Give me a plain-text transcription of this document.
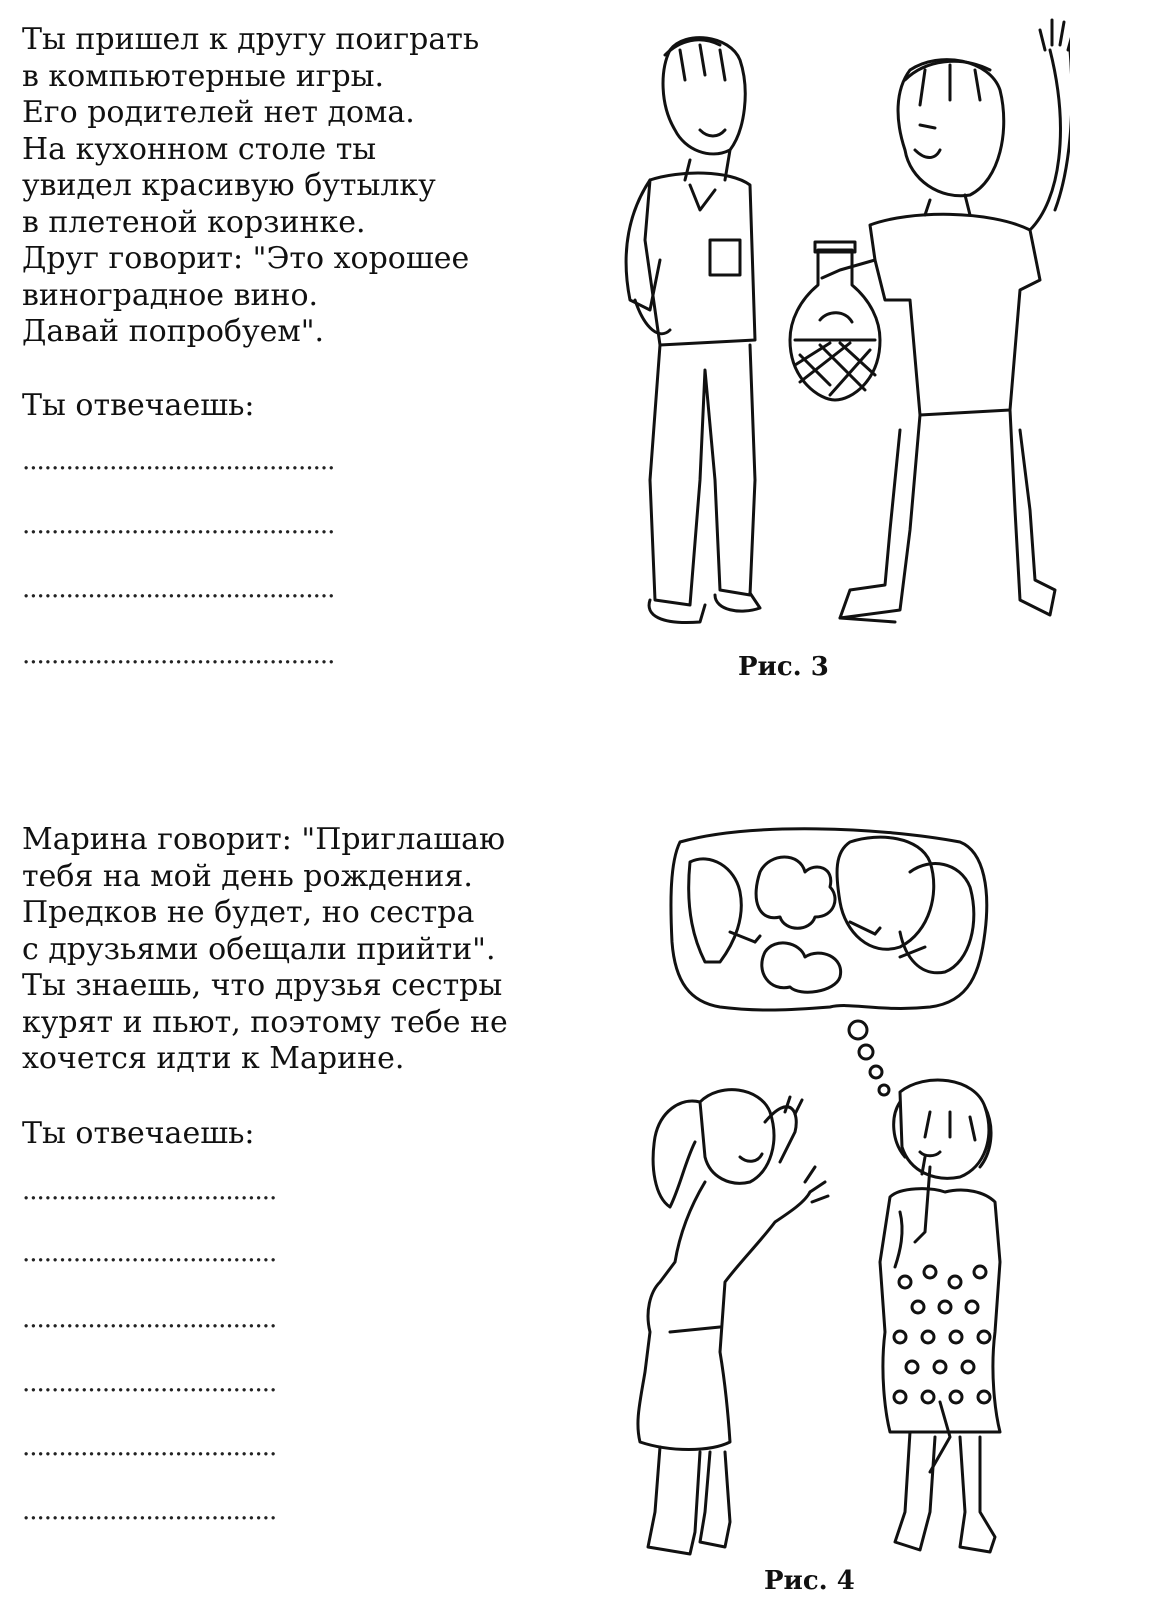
Ты пришел к другу поиграть
в компьютерные игры.
Его родителей нет дома.
На кухонном столе ты
увидел красивую бутылку
в плетеной корзинке.
Друг говорит: "Это хорошее
виноградное вино.
Давай попробуем".
Ты отвечаешь:
...........................................
...........................................
...........................................
...........................................	Рис. 3
Марина говорит: "Приглашаю
тебя на мой день рождения.
Предков не будет, но сестра
с друзьями обещали прийти".
Ты знаешь, что друзья сестры
курят и пьют, поэтому тебе не
хочется идти к Марине.
Ты отвечаешь:
...................................
...................................
...................................
...................................
...................................
...................................
Рис. 4
